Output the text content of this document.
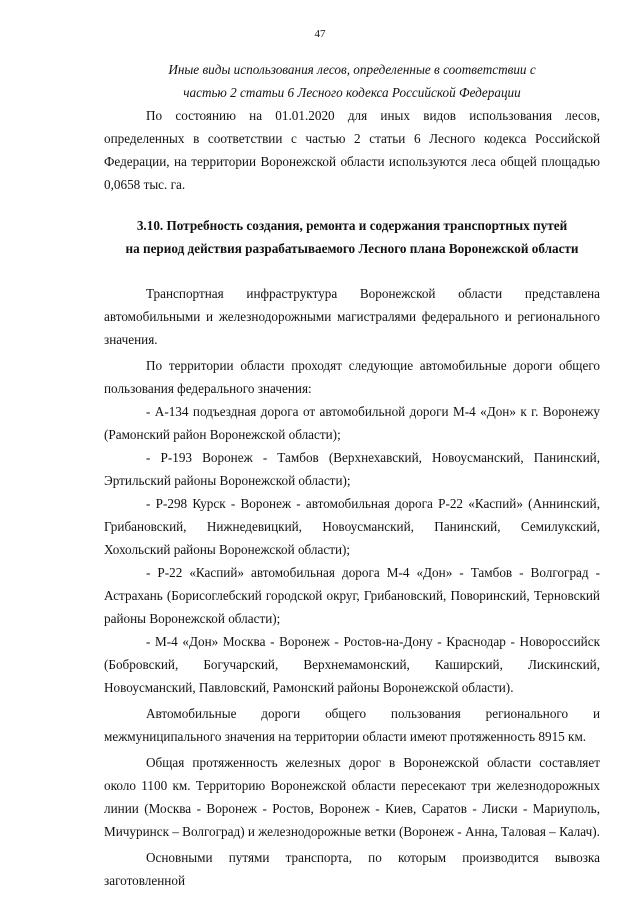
47

Иные виды использования лесов, определенные в соответствии с

частью 2 статьи 6 Лесного кодекса Российской Федерации

По состоянию на 01.01.2020 для иных видов использования лесов, определенных в соответствии с частью 2 статьи 6 Лесного кодекса Российской Федерации, на территории Воронежской области используются леса общей площадью 0,0658 тыс. га.

3.10. Потребность создания, ремонта и содержания транспортных путей

на период действия разрабатываемого Лесного плана Воронежской области

Транспортная инфраструктура Воронежской области представлена автомобильными и железнодорожными магистралями федерального и регионального значения.

По территории области проходят следующие автомобильные дороги общего пользования федерального значения:

- А-134 подъездная дорога от автомобильной дороги М-4 «Дон» к г. Воронежу (Рамонский район Воронежской области);

- Р-193 Воронеж - Тамбов (Верхнехавский, Новоусманский, Панинский, Эртильский районы Воронежской области);

- Р-298 Курск - Воронеж - автомобильная дорога Р-22 «Каспий» (Аннинский, Грибановский, Нижнедевицкий, Новоусманский, Панинский, Семилукский, Хохольский районы Воронежской области);

- Р-22 «Каспий» автомобильная дорога М-4 «Дон» - Тамбов - Волгоград - Астрахань (Борисоглебский городской округ, Грибановский, Поворинский, Терновский районы Воронежской области);

- М-4 «Дон» Москва - Воронеж - Ростов-на-Дону - Краснодар - Новороссийск (Бобровский, Богучарский, Верхнемамонский, Каширский, Лискинский, Новоусманский, Павловский, Рамонский районы Воронежской области).

Автомобильные дороги общего пользования регионального и межмуниципального значения на территории области имеют протяженность 8915 км.

Общая протяженность железных дорог в Воронежской области составляет около 1100 км. Территорию Воронежской области пересекают три железнодорожных линии (Москва - Воронеж - Ростов, Воронеж - Киев, Саратов - Лиски - Мариуполь, Мичуринск – Волгоград) и железнодорожные ветки (Воронеж - Анна, Таловая – Калач).

Основными путями транспорта, по которым производится вывозка заготовленной
